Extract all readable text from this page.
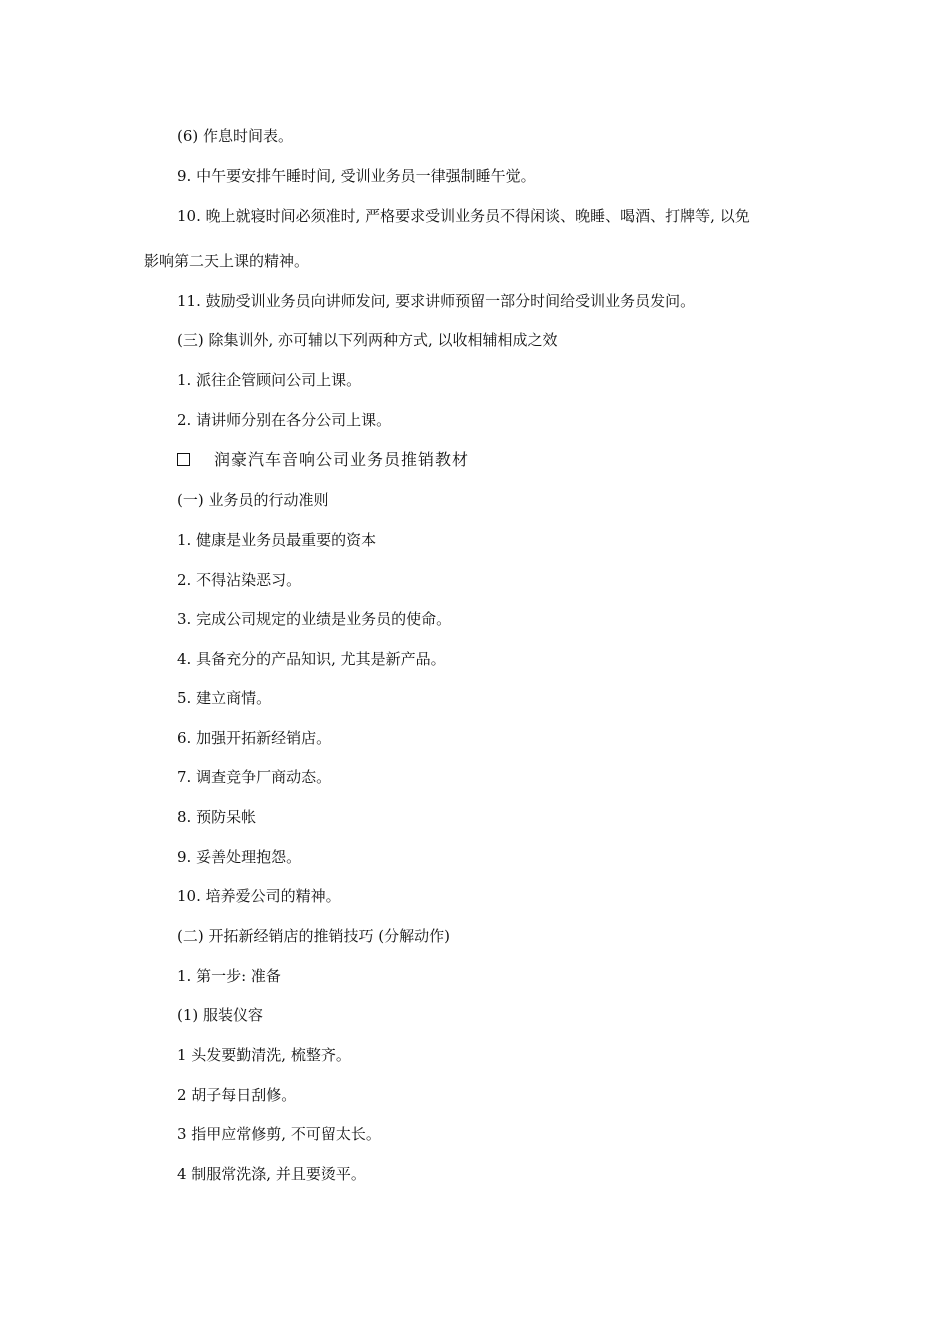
(6) 作息时间表。
9. 中午要安排午睡时间, 受训业务员一律强制睡午觉。
10. 晚上就寝时间必须准时, 严格要求受训业务员不得闲谈、晚睡、喝酒、打牌等, 以免
影响第二天上课的精神。
11. 鼓励受训业务员向讲师发问, 要求讲师预留一部分时间给受训业务员发问。
(三) 除集训外, 亦可辅以下列两种方式, 以收相辅相成之效
1. 派往企管顾问公司上课。
2. 请讲师分别在各分公司上课。
润豪汽车音响公司业务员推销教材
(一) 业务员的行动准则
1. 健康是业务员最重要的资本
2. 不得沾染恶习。
3. 完成公司规定的业绩是业务员的使命。
4. 具备充分的产品知识, 尤其是新产品。
5. 建立商情。
6. 加强开拓新经销店。
7. 调查竞争厂商动态。
8. 预防呆帐
9. 妥善处理抱怨。
10. 培养爱公司的精神。
(二) 开拓新经销店的推销技巧 (分解动作)
1. 第一步: 准备
(1) 服装仪容
1 头发要勤清洗, 梳整齐。
2 胡子每日刮修。
3 指甲应常修剪, 不可留太长。
4 制服常洗涤, 并且要烫平。
